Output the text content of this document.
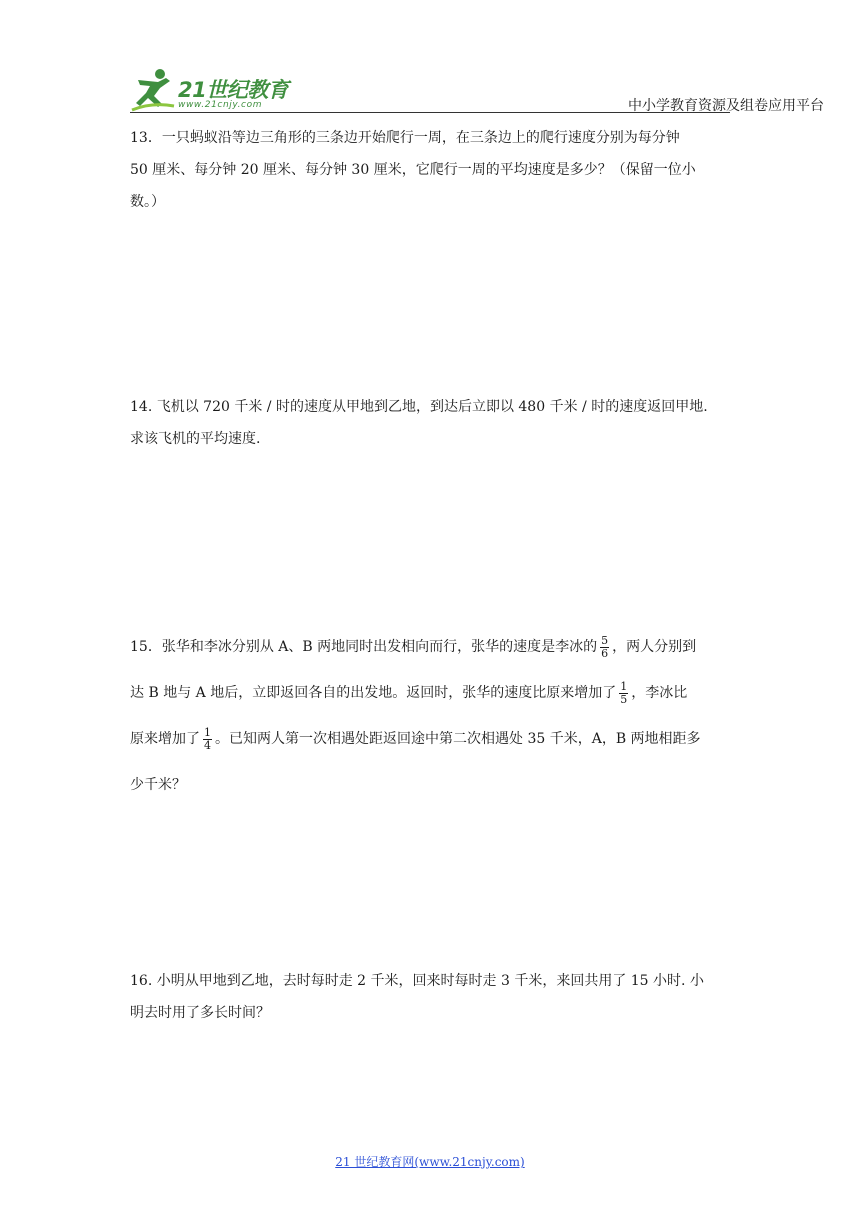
21世纪教育
www.21cnjy.com	中小学教育资源及组卷应用平台

13．一只蚂蚁沿等边三角形的三条边开始爬行一周，在三条边上的爬行速度分别为每分钟

50 厘米、每分钟 20 厘米、每分钟 30 厘米，它爬行一周的平均速度是多少？（保留一位小

数。）

14. 飞机以 720 千米 / 时的速度从甲地到乙地，到达后立即以 480 千米 / 时的速度返回甲地.

求该飞机的平均速度.

15．张华和李冰分别从 A、B 两地同时出发相向而行，张华的速度是李冰的 $\frac{5}{6}$ ，两人分别到

达 B 地与 A 地后，立即返回各自的出发地。返回时，张华的速度比原来增加了 $\frac{1}{5}$ ，李冰比

原来增加了 $\frac{1}{4}$ 。已知两人第一次相遇处距返回途中第二次相遇处 35 千米，A，B 两地相距多

少千米？

16. 小明从甲地到乙地，去时每时走 2 千米，回来时每时走 3 千米，来回共用了 15 小时. 小

明去时用了多长时间？

21 世纪教育网(www.21cnjy.com)
